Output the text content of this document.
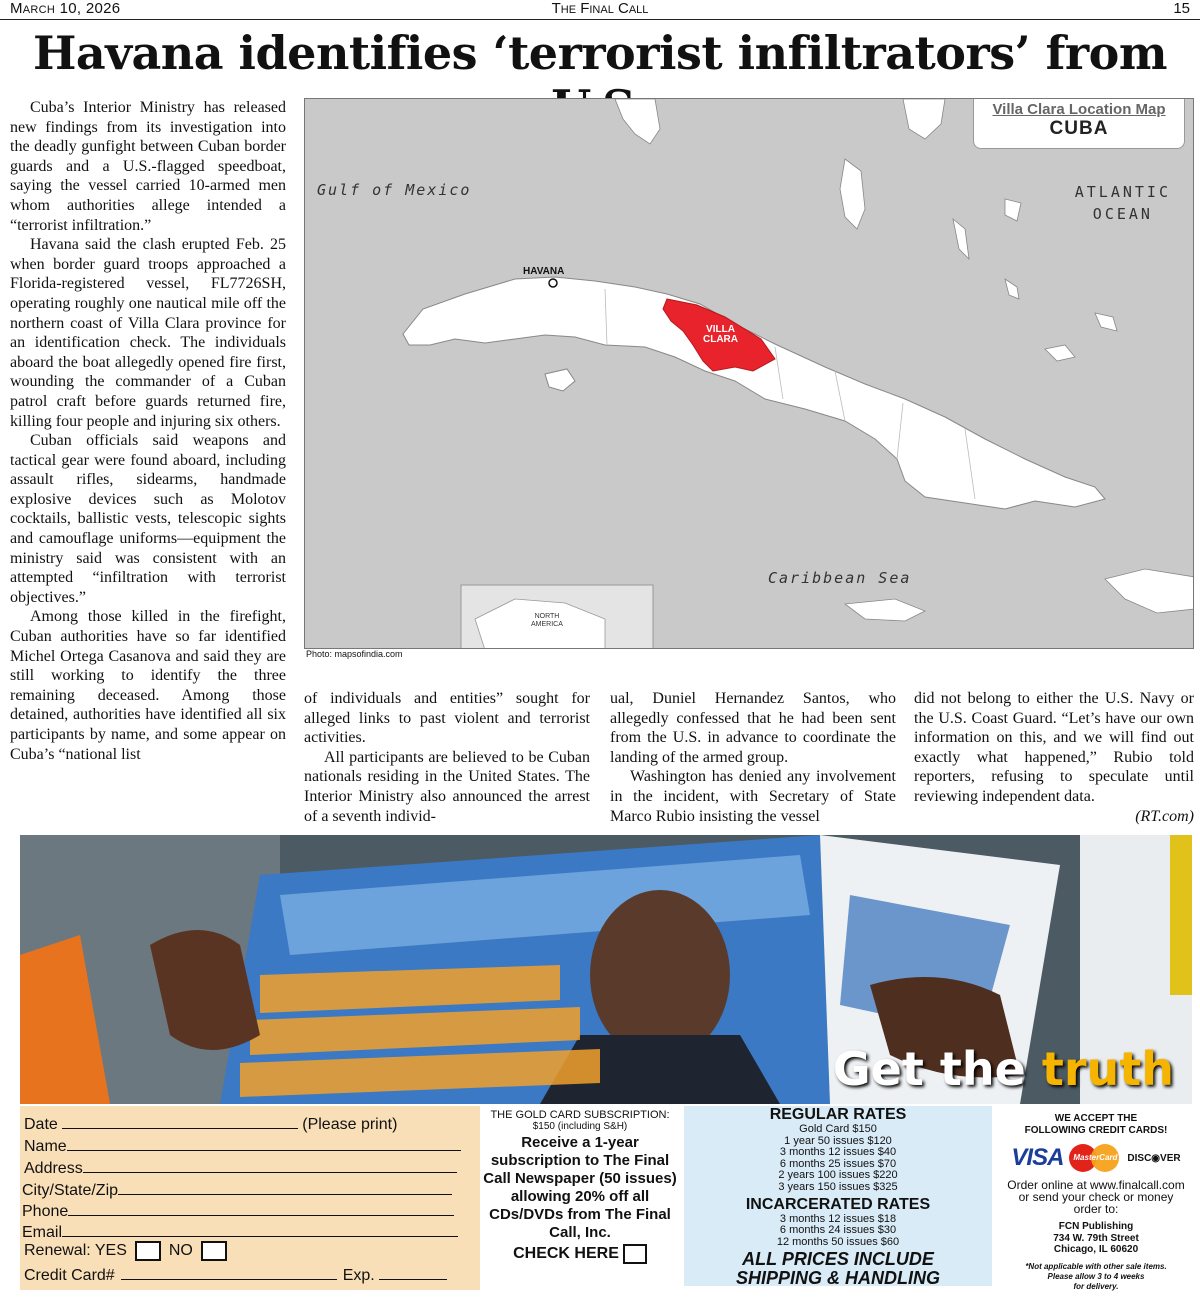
March 10, 2026	The Final Call	15
Havana identifies ‘terrorist infiltrators’ from

Cuba’s Interior Ministry has released new findings from its investigation into the deadly gunfight between Cuban border guards and a U.S.-flagged speedboat, saying the vessel carried 10-armed men whom authorities allege intended a “terrorist infiltration.”

Havana said the clash erupted Feb. 25 when border guard troops approached a Florida-registered vessel, FL7726SH, operating roughly one nautical mile off the northern coast of Villa Clara province for an identification check. The individuals aboard the boat allegedly opened fire first, wounding the commander of a Cuban patrol craft before guards returned fire, killing four people and injuring six others.

Cuban officials said weapons and tactical gear were found aboard, including assault rifles, sidearms, handmade explosive devices such as Molotov cocktails, ballistic vests, telescopic sights and camouflage uniforms—equipment the ministry said was consistent with an attempted “infiltration with terrorist objectives.”

Among those killed in the firefight, Cuban authorities have so far identified Michel Ortega Casanova and said they are still working to identify the three remaining deceased. Among those detained, authorities have identified all six participants by name, and some appear on Cuba’s “national list

Villa Clara Location Map
CUBA
Gulf of Mexico	ATLANTIC
OCEAN
Caribbean Sea
HAVANA
VILLA
CLARA
NORTH
AMERICA
Photo: mapsofindia.com

of individuals and entities” sought for alleged links to past violent and terrorist activities.

All participants are believed to be Cuban nationals residing in the United States. The Interior Ministry also announced the arrest of a seventh individ-

ual, Duniel Hernandez Santos, who allegedly confessed that he had been sent from the U.S. in advance to coordinate the landing of the armed group.

Washington has denied any involvement in the incident, with Secretary of State Marco Rubio insisting the vessel

did not belong to either the U.S. Navy or the U.S. Coast Guard. “Let’s have our own information on this, and we will find out exactly what happened,” Rubio told reporters, refusing to speculate until reviewing independent data.

(RT.com)

Get the truth
Date	(Please print)
Name
Address
City/State/Zip
Phone
Email
Renewal: YES	NO
Credit Card#	Exp.
THE GOLD CARD SUBSCRIPTION:
$150 (including S&H)
Receive a 1-year subscription to The Final Call Newspaper (50 issues) allowing 20% off all CDs/DVDs from The Final Call, Inc.
CHECK HERE
REGULAR RATES
Gold Card $150
1 year 50 issues $120
3 months 12 issues $40
6 months 25 issues $70
2 years 100 issues $220
3 years 150 issues $325
INCARCERATED RATES
3 months 12 issues $18
6 months 24 issues $30
12 months 50 issues $60
ALL PRICES INCLUDE
SHIPPING & HANDLING
WE ACCEPT THE
FOLLOWING CREDIT CARDS!
VISA	MasterCard	DISC◉VER
Order online at www.finalcall.com
or send your check or money
order to:
FCN Publishing
734 W. 79th Street
Chicago, IL 60620
*Not applicable with other sale items.
Please allow 3 to 4 weeks
for delivery.
